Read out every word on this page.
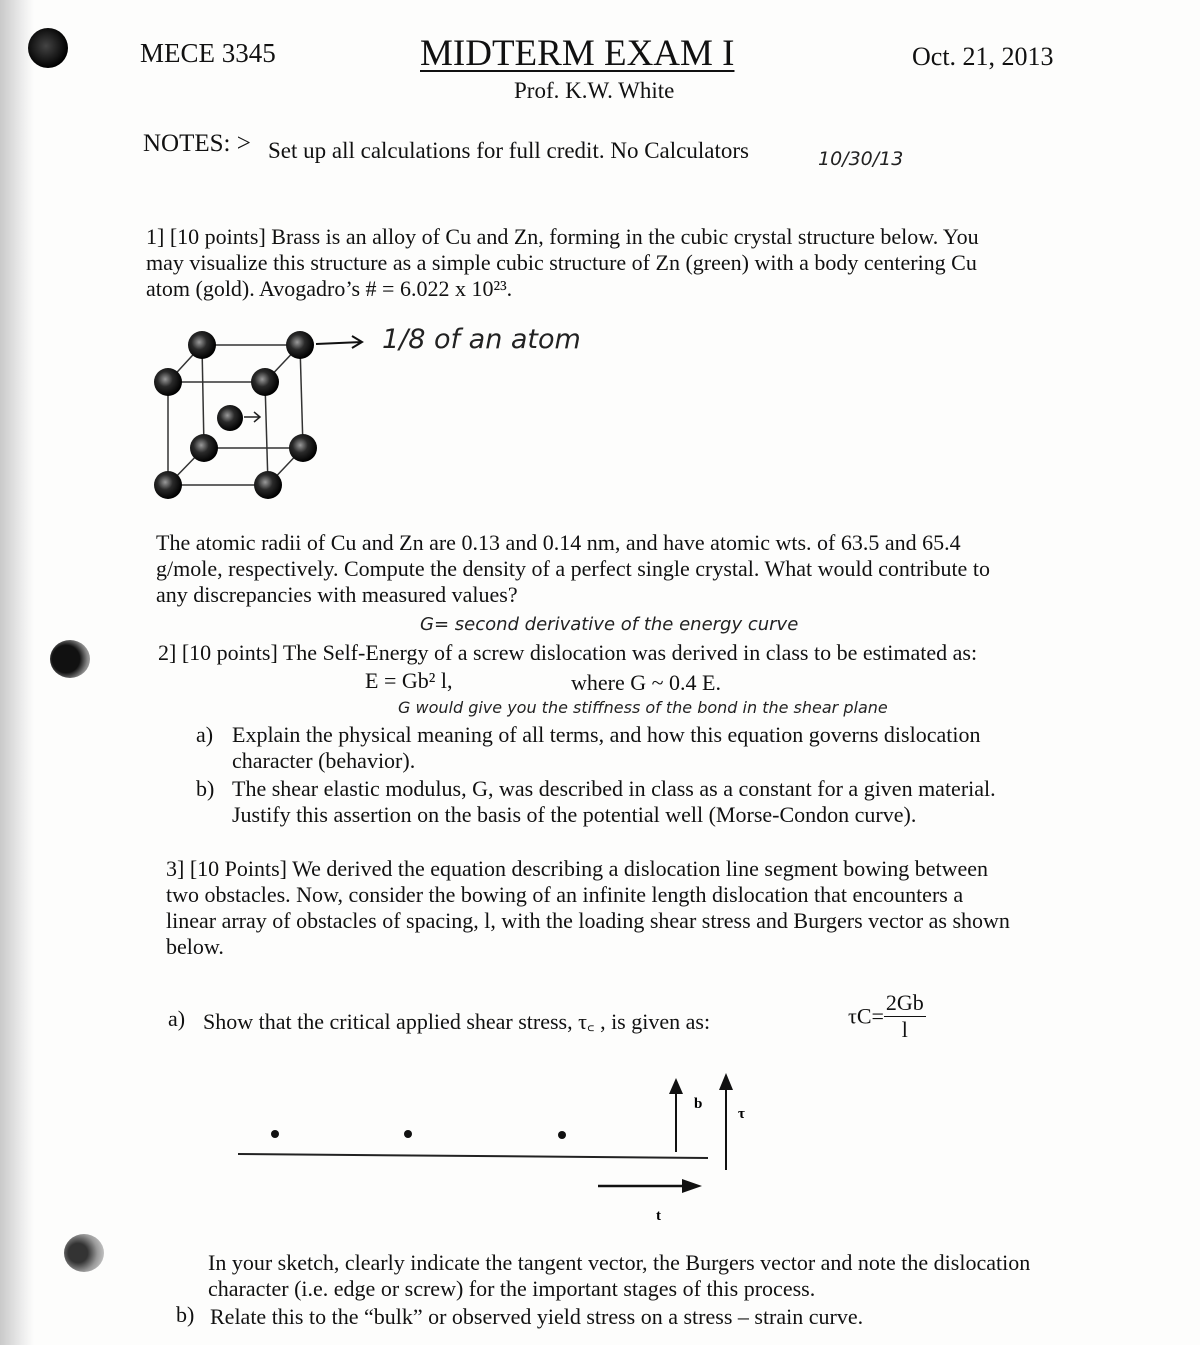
MECE 3345	MIDTERM EXAM I	Oct. 21, 2013
Prof. K.W. White
NOTES: > Set up all calculations for full credit. No Calculators	10/30/13
1] [10 points] Brass is an alloy of Cu and Zn, forming in the cubic crystal structure below. You
may visualize this structure as a simple cubic structure of Zn (green) with a body centering Cu
atom (gold). Avogadro’s # = 6.022 x 10²³.
1/8 of an atom
The atomic radii of Cu and Zn are 0.13 and 0.14 nm, and have atomic wts. of 63.5 and 65.4
g/mole, respectively. Compute the density of a perfect single crystal. What would contribute to
any discrepancies with measured values?
G= second derivative of the energy curve
2] [10 points] The Self-Energy of a screw dislocation was derived in class to be estimated as:
E = Gb² l,	where G ~ 0.4 E.
G would give you the stiffness of the bond in the shear plane
a) Explain the physical meaning of all terms, and how this equation governs dislocation
character (behavior).
b) The shear elastic modulus, G, was described in class as a constant for a given material.
Justify this assertion on the basis of the potential well (Morse-Condon curve).
3] [10 Points] We derived the equation describing a dislocation line segment bowing between
two obstacles. Now, consider the bowing of an infinite length dislocation that encounters a
linear array of obstacles of spacing, l, with the loading shear stress and Burgers vector as shown
below.
a) Show that the critical applied shear stress, τ꜀ , is given as:	$\tau C= \frac{2Gb}{l}$
b
τ
t
In your sketch, clearly indicate the tangent vector, the Burgers vector and note the dislocation
character (i.e. edge or screw) for the important stages of this process.
b) Relate this to the “bulk” or observed yield stress on a stress – strain curve.
